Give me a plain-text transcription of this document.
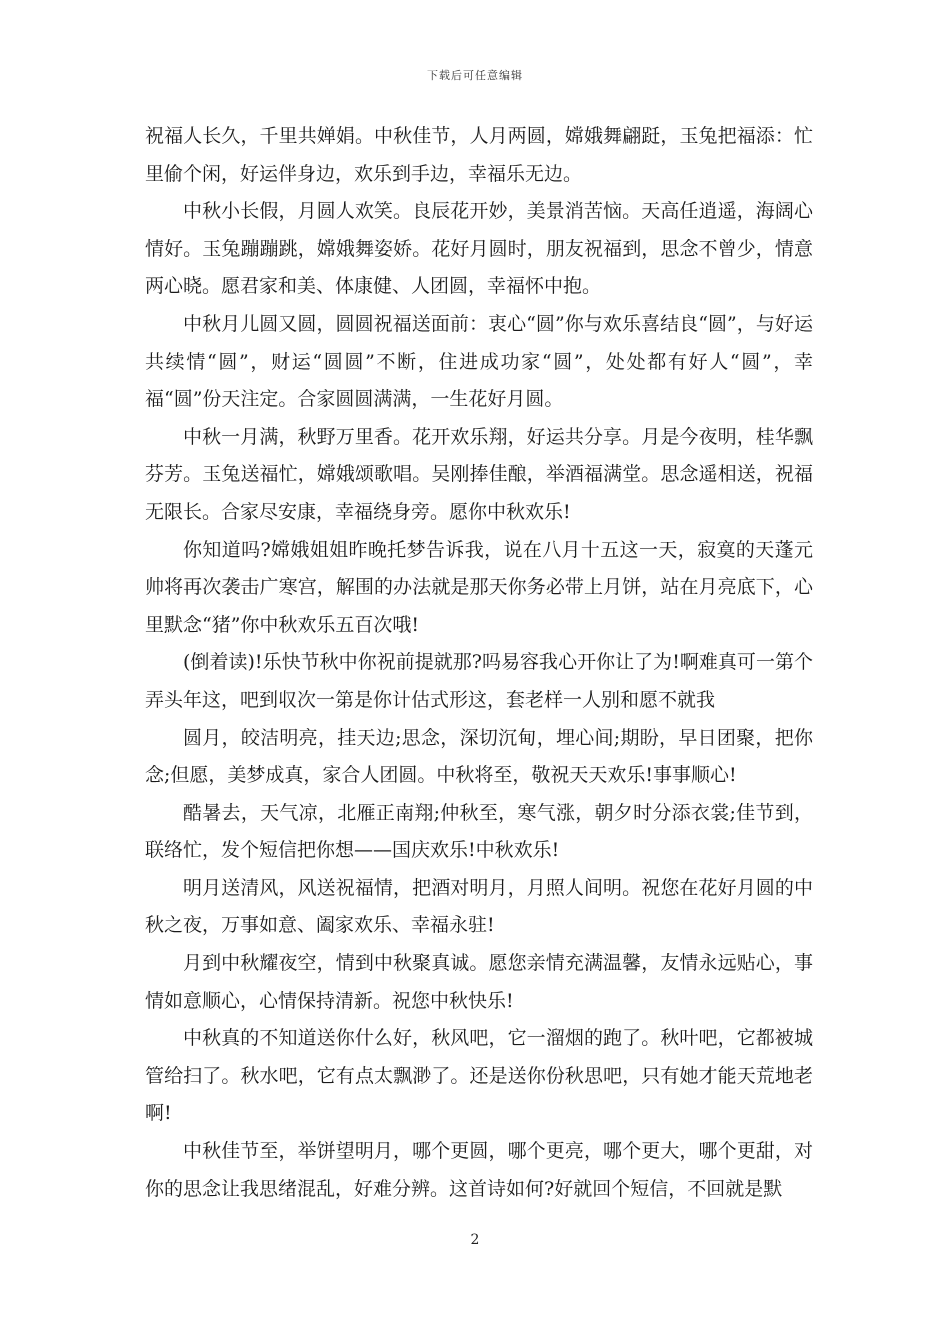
下载后可任意编辑

祝福人长久，千里共婵娟。中秋佳节，人月两圆，嫦娥舞翩跹，玉兔把福添：忙里偷个闲，好运伴身边，欢乐到手边，幸福乐无边。

中秋小长假，月圆人欢笑。良辰花开妙，美景消苦恼。天高任逍遥，海阔心情好。玉兔蹦蹦跳，嫦娥舞姿娇。花好月圆时，朋友祝福到，思念不曾少，情意两心晓。愿君家和美、体康健、人团圆，幸福怀中抱。

中秋月儿圆又圆，圆圆祝福送面前：衷心“圆”你与欢乐喜结良“圆”，与好运共续情“圆”，财运“圆圆”不断，住进成功家“圆”，处处都有好人“圆”，幸福“圆”份天注定。合家圆圆满满，一生花好月圆。

中秋一月满，秋野万里香。花开欢乐翔，好运共分享。月是今夜明，桂华飘芬芳。玉兔送福忙，嫦娥颂歌唱。吴刚捧佳酿，举酒福满堂。思念遥相送，祝福无限长。合家尽安康，幸福绕身旁。愿你中秋欢乐!

你知道吗?嫦娥姐姐昨晚托梦告诉我，说在八月十五这一天，寂寞的天蓬元帅将再次袭击广寒宫，解围的办法就是那天你务必带上月饼，站在月亮底下，心里默念“猪”你中秋欢乐五百次哦!

(倒着读)!乐快节秋中你祝前提就那?吗易容我心开你让了为!啊难真可一第个弄头年这，吧到収次一第是你计估式形这，套老样一人别和愿不就我

圆月，皎洁明亮，挂天边;思念，深切沉甸，埋心间;期盼，早日团聚，把你念;但愿，美梦成真，家合人团圆。中秋将至，敬祝天天欢乐!事事顺心!

酷暑去，天气凉，北雁正南翔;仲秋至，寒气涨，朝夕时分添衣裳;佳节到，联络忙，发个短信把你想——国庆欢乐!中秋欢乐!

明月送清风，风送祝福情，把酒对明月，月照人间明。祝您在花好月圆的中秋之夜，万事如意、阖家欢乐、幸福永驻!

月到中秋耀夜空，情到中秋聚真诚。愿您亲情充满温馨，友情永远贴心，事情如意顺心，心情保持清新。祝您中秋快乐!

中秋真的不知道送你什么好，秋风吧，它一溜烟的跑了。秋叶吧，它都被城管给扫了。秋水吧，它有点太飘渺了。还是送你份秋思吧，只有她才能天荒地老啊!

中秋佳节至，举饼望明月，哪个更圆，哪个更亮，哪个更大，哪个更甜，对你的思念让我思绪混乱，好难分辨。这首诗如何?好就回个短信，不回就是默

2
